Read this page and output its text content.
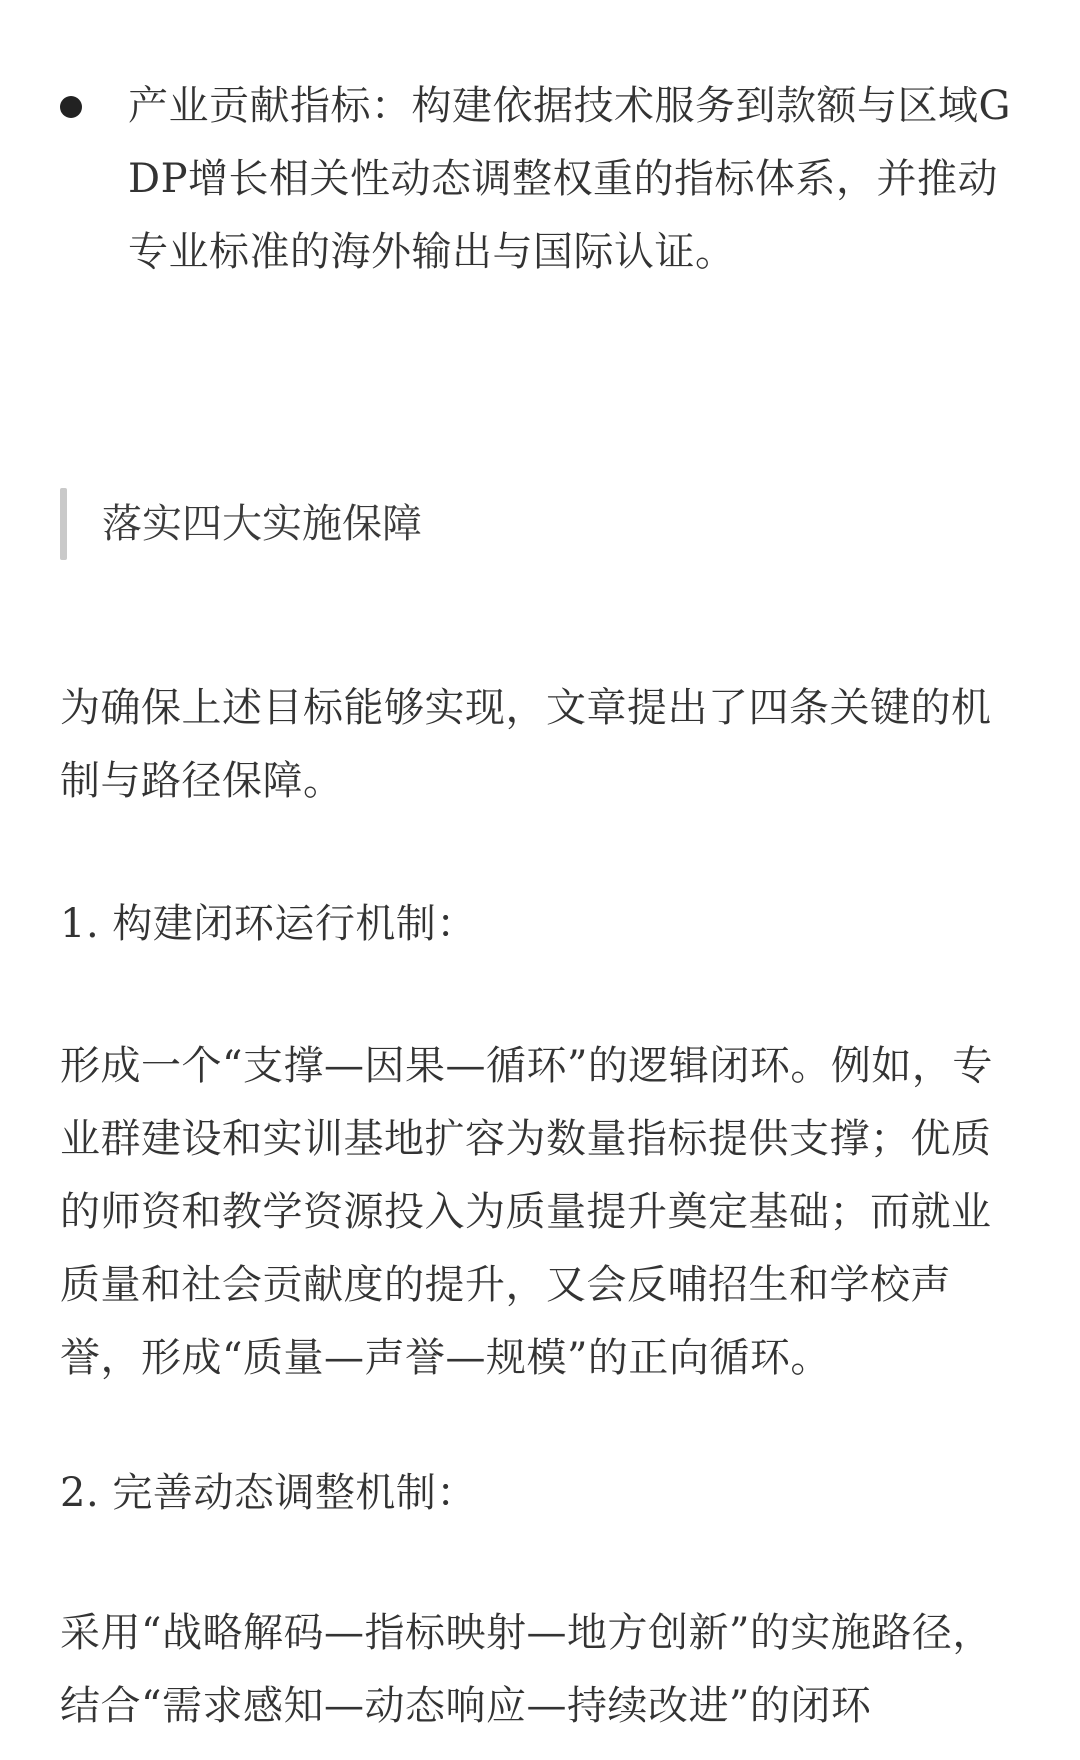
产业贡献指标：构建依据技术服务到款额与区域GDP增长相关性动态调整权重的指标体系，并推动专业标准的海外输出与国际认证。
落实四大实施保障

为确保上述目标能够实现，文章提出了四条关键的机制与路径保障。

1. 构建闭环运行机制：

形成一个“支撑—因果—循环”的逻辑闭环。例如，专业群建设和实训基地扩容为数量指标提供支撑；优质的师资和教学资源投入为质量提升奠定基础；而就业质量和社会贡献度的提升，又会反哺招生和学校声誉，形成“质量—声誉—规模”的正向循环。

2. 完善动态调整机制：

采用“战略解码—指标映射—地方创新”的实施路径，结合“需求感知—动态响应—持续改进”的闭环
